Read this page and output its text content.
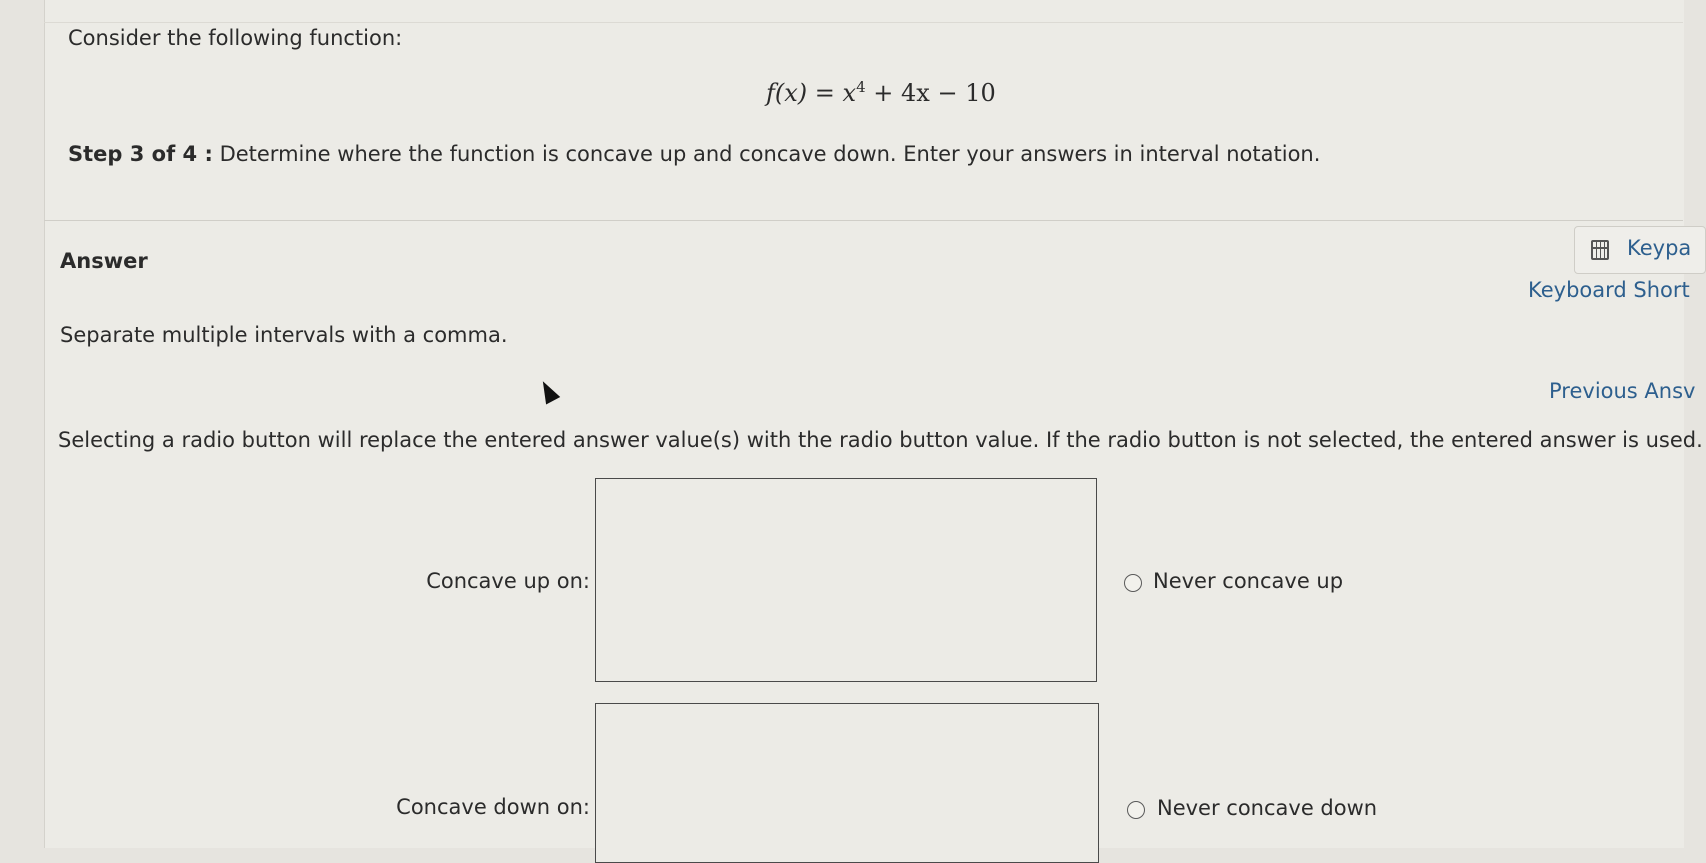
Consider the following function:
$f(x) = x^4 + 4x - 10$
Step 3 of 4 : Determine where the function is concave up and concave down. Enter your answers in interval notation.
Answer
Keypa
Keyboard Short
Separate multiple intervals with a comma.
Previous Ansv
Selecting a radio button will replace the entered answer value(s) with the radio button value. If the radio button is not selected, the entered answer is used.
Concave up on:	Never concave up
Concave down on:	Never concave down
